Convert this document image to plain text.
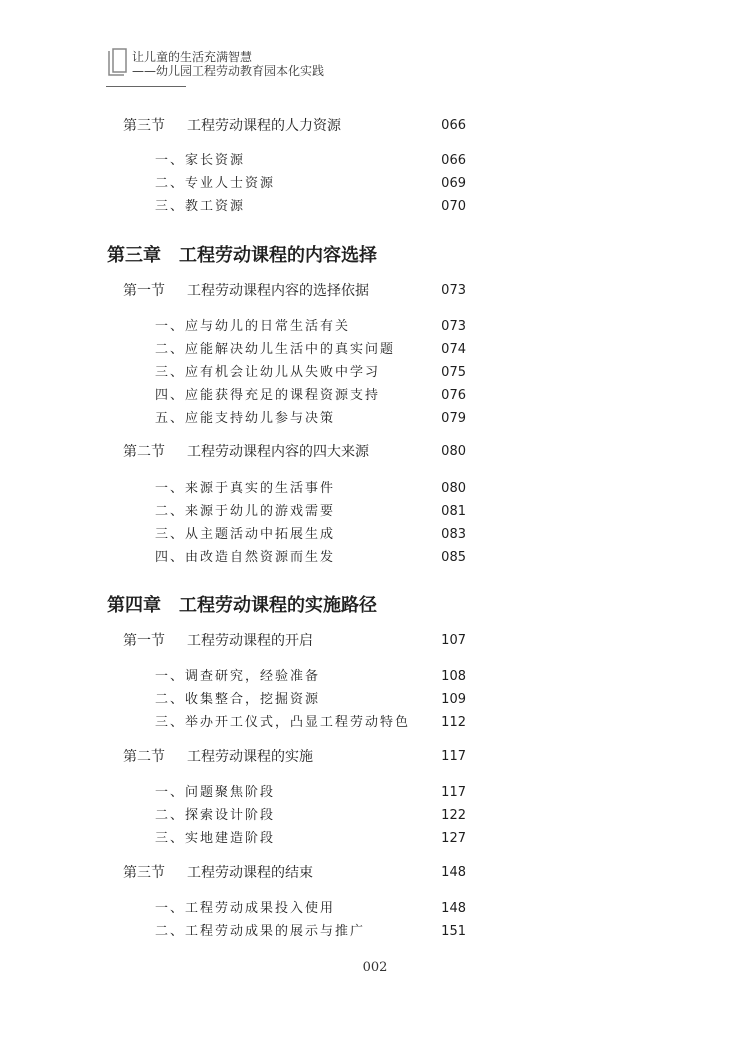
让儿童的生活充满智慧
——幼儿园工程劳动教育园本化实践
第三节 工程劳动课程的人力资源	066
一、家长资源	066
二、专业人士资源	069
三、教工资源	070
第三章 工程劳动课程的内容选择
第一节 工程劳动课程内容的选择依据	073
一、应与幼儿的日常生活有关	073
二、应能解决幼儿生活中的真实问题	074
三、应有机会让幼儿从失败中学习	075
四、应能获得充足的课程资源支持	076
五、应能支持幼儿参与决策	079
第二节 工程劳动课程内容的四大来源	080
一、来源于真实的生活事件	080
二、来源于幼儿的游戏需要	081
三、从主题活动中拓展生成	083
四、由改造自然资源而生发	085
第四章 工程劳动课程的实施路径
第一节 工程劳动课程的开启	107
一、调查研究，经验准备	108
二、收集整合，挖掘资源	109
三、举办开工仪式，凸显工程劳动特色 112
第二节 工程劳动课程的实施	117
一、问题聚焦阶段	117
二、探索设计阶段	122
三、实地建造阶段	127
第三节 工程劳动课程的结束	148
一、工程劳动成果投入使用	148
二、工程劳动成果的展示与推广	151
002
